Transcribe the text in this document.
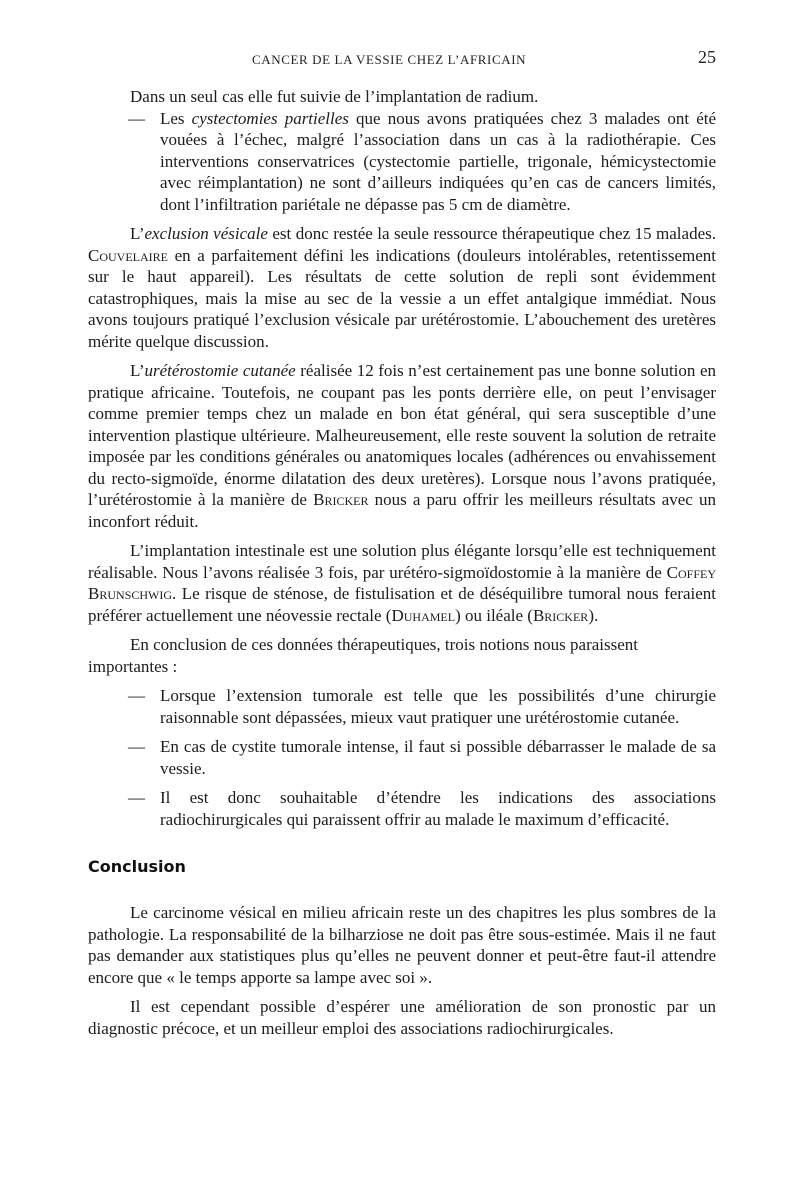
CANCER DE LA VESSIE CHEZ L’AFRICAIN	25

Dans un seul cas elle fut suivie de l’implantation de radium.

— Les cystectomies partielles que nous avons pratiquées chez 3 malades ont été vouées à l’échec, malgré l’association dans un cas à la radiothérapie. Ces interventions conservatrices (cystectomie partielle, trigonale, hémicystectomie avec réimplantation) ne sont d’ailleurs indiquées qu’en cas de cancers limités, dont l’infiltration pariétale ne dépasse pas 5 cm de diamètre.

L’exclusion vésicale est donc restée la seule ressource thérapeutique chez 15 malades. Couvelaire en a parfaitement défini les indications (douleurs intolérables, retentissement sur le haut appareil). Les résultats de cette solution de repli sont évidemment catastrophiques, mais la mise au sec de la vessie a un effet antalgique immédiat. Nous avons toujours pratiqué l’exclusion vésicale par urétérostomie. L’abouchement des uretères mérite quelque discussion.

L’urétérostomie cutanée réalisée 12 fois n’est certainement pas une bonne solution en pratique africaine. Toutefois, ne coupant pas les ponts derrière elle, on peut l’envisager comme premier temps chez un malade en bon état général, qui sera susceptible d’une intervention plastique ultérieure. Malheureusement, elle reste souvent la solution de retraite imposée par les conditions générales ou anatomiques locales (adhérences ou envahissement du recto-sigmoïde, énorme dilatation des deux uretères). Lorsque nous l’avons pratiquée, l’urétérostomie à la manière de Bricker nous a paru offrir les meilleurs résultats avec un inconfort réduit.

L’implantation intestinale est une solution plus élégante lorsqu’elle est techniquement réalisable. Nous l’avons réalisée 3 fois, par urétéro-sigmoïdostomie à la manière de Coffey Brunschwig. Le risque de sténose, de fistulisation et de déséquilibre tumoral nous feraient préférer actuellement une néovessie rectale (Duhamel) ou iléale (Bricker).

En conclusion de ces données thérapeutiques, trois notions nous paraissent importantes :

— Lorsque l’extension tumorale est telle que les possibilités d’une chirurgie raisonnable sont dépassées, mieux vaut pratiquer une urétérostomie cutanée.
— En cas de cystite tumorale intense, il faut si possible débarrasser le malade de sa vessie.
— Il est donc souhaitable d’étendre les indications des associations radiochirurgicales qui paraissent offrir au malade le maximum d’efficacité.
Conclusion

Le carcinome vésical en milieu africain reste un des chapitres les plus sombres de la pathologie. La responsabilité de la bilharziose ne doit pas être sous-estimée. Mais il ne faut pas demander aux statistiques plus qu’elles ne peuvent donner et peut-être faut-il attendre encore que « le temps apporte sa lampe avec soi ».

Il est cependant possible d’espérer une amélioration de son pronostic par un diagnostic précoce, et un meilleur emploi des associations radiochirurgicales.
